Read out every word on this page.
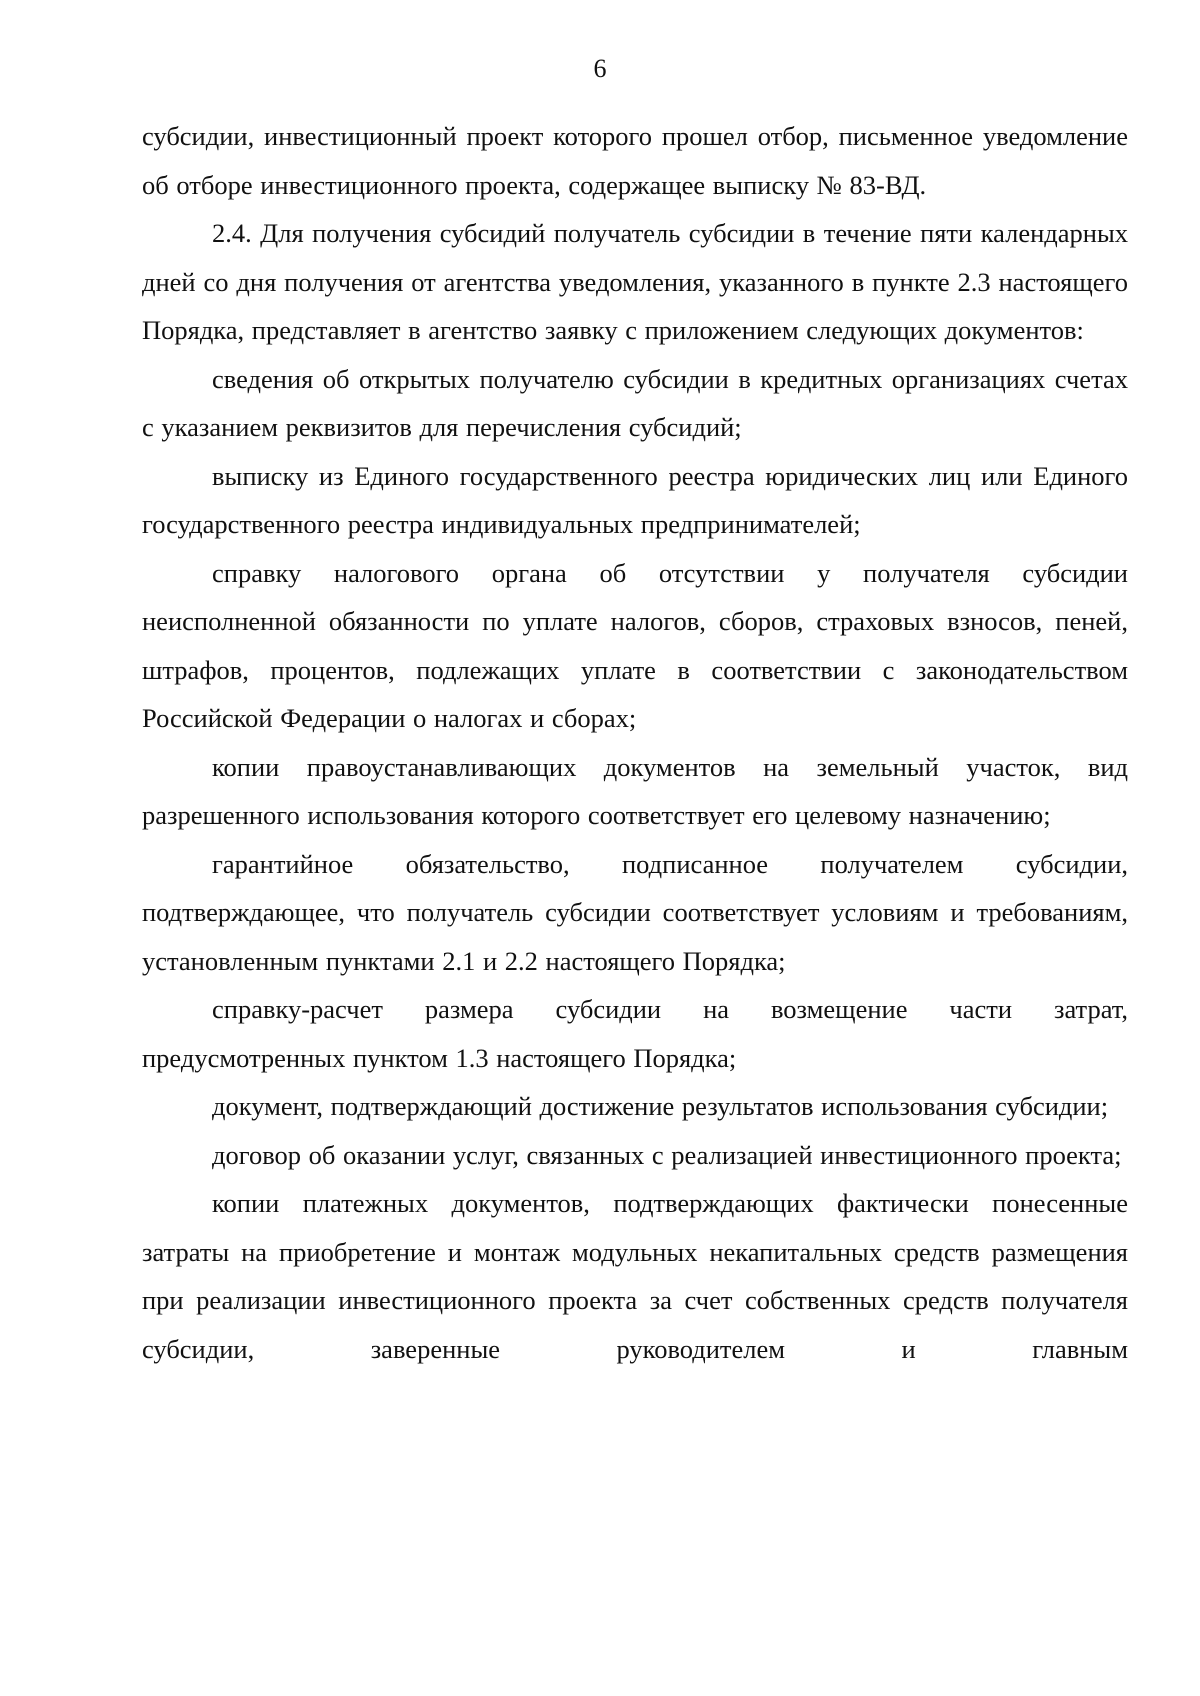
6

субсидии, инвестиционный проект которого прошел отбор, письменное уведомление об отборе инвестиционного проекта, содержащее выписку № 83-ВД.

2.4. Для получения субсидий получатель субсидии в течение пяти календарных дней со дня получения от агентства уведомления, указанного в пункте 2.3 настоящего Порядка, представляет в агентство заявку с приложением следующих документов:

сведения об открытых получателю субсидии в кредитных организациях счетах с указанием реквизитов для перечисления субсидий;

выписку из Единого государственного реестра юридических лиц или Единого государственного реестра индивидуальных предпринимателей;

справку налогового органа об отсутствии у получателя субсидии неисполненной обязанности по уплате налогов, сборов, страховых взносов, пеней, штрафов, процентов, подлежащих уплате в соответствии с законодательством Российской Федерации о налогах и сборах;

копии правоустанавливающих документов на земельный участок, вид разрешенного использования которого соответствует его целевому назначению;

гарантийное обязательство, подписанное получателем субсидии, подтверждающее, что получатель субсидии соответствует условиям и требованиям, установленным пунктами 2.1 и 2.2 настоящего Порядка;

справку-расчет размера субсидии на возмещение части затрат, предусмотренных пунктом 1.3 настоящего Порядка;

документ, подтверждающий достижение результатов использования субсидии;

договор об оказании услуг, связанных с реализацией инвестиционного проекта;

копии платежных документов, подтверждающих фактически понесенные затраты на приобретение и монтаж модульных некапитальных средств размещения при реализации инвестиционного проекта за счет собственных средств получателя субсидии, заверенные руководителем и главным
